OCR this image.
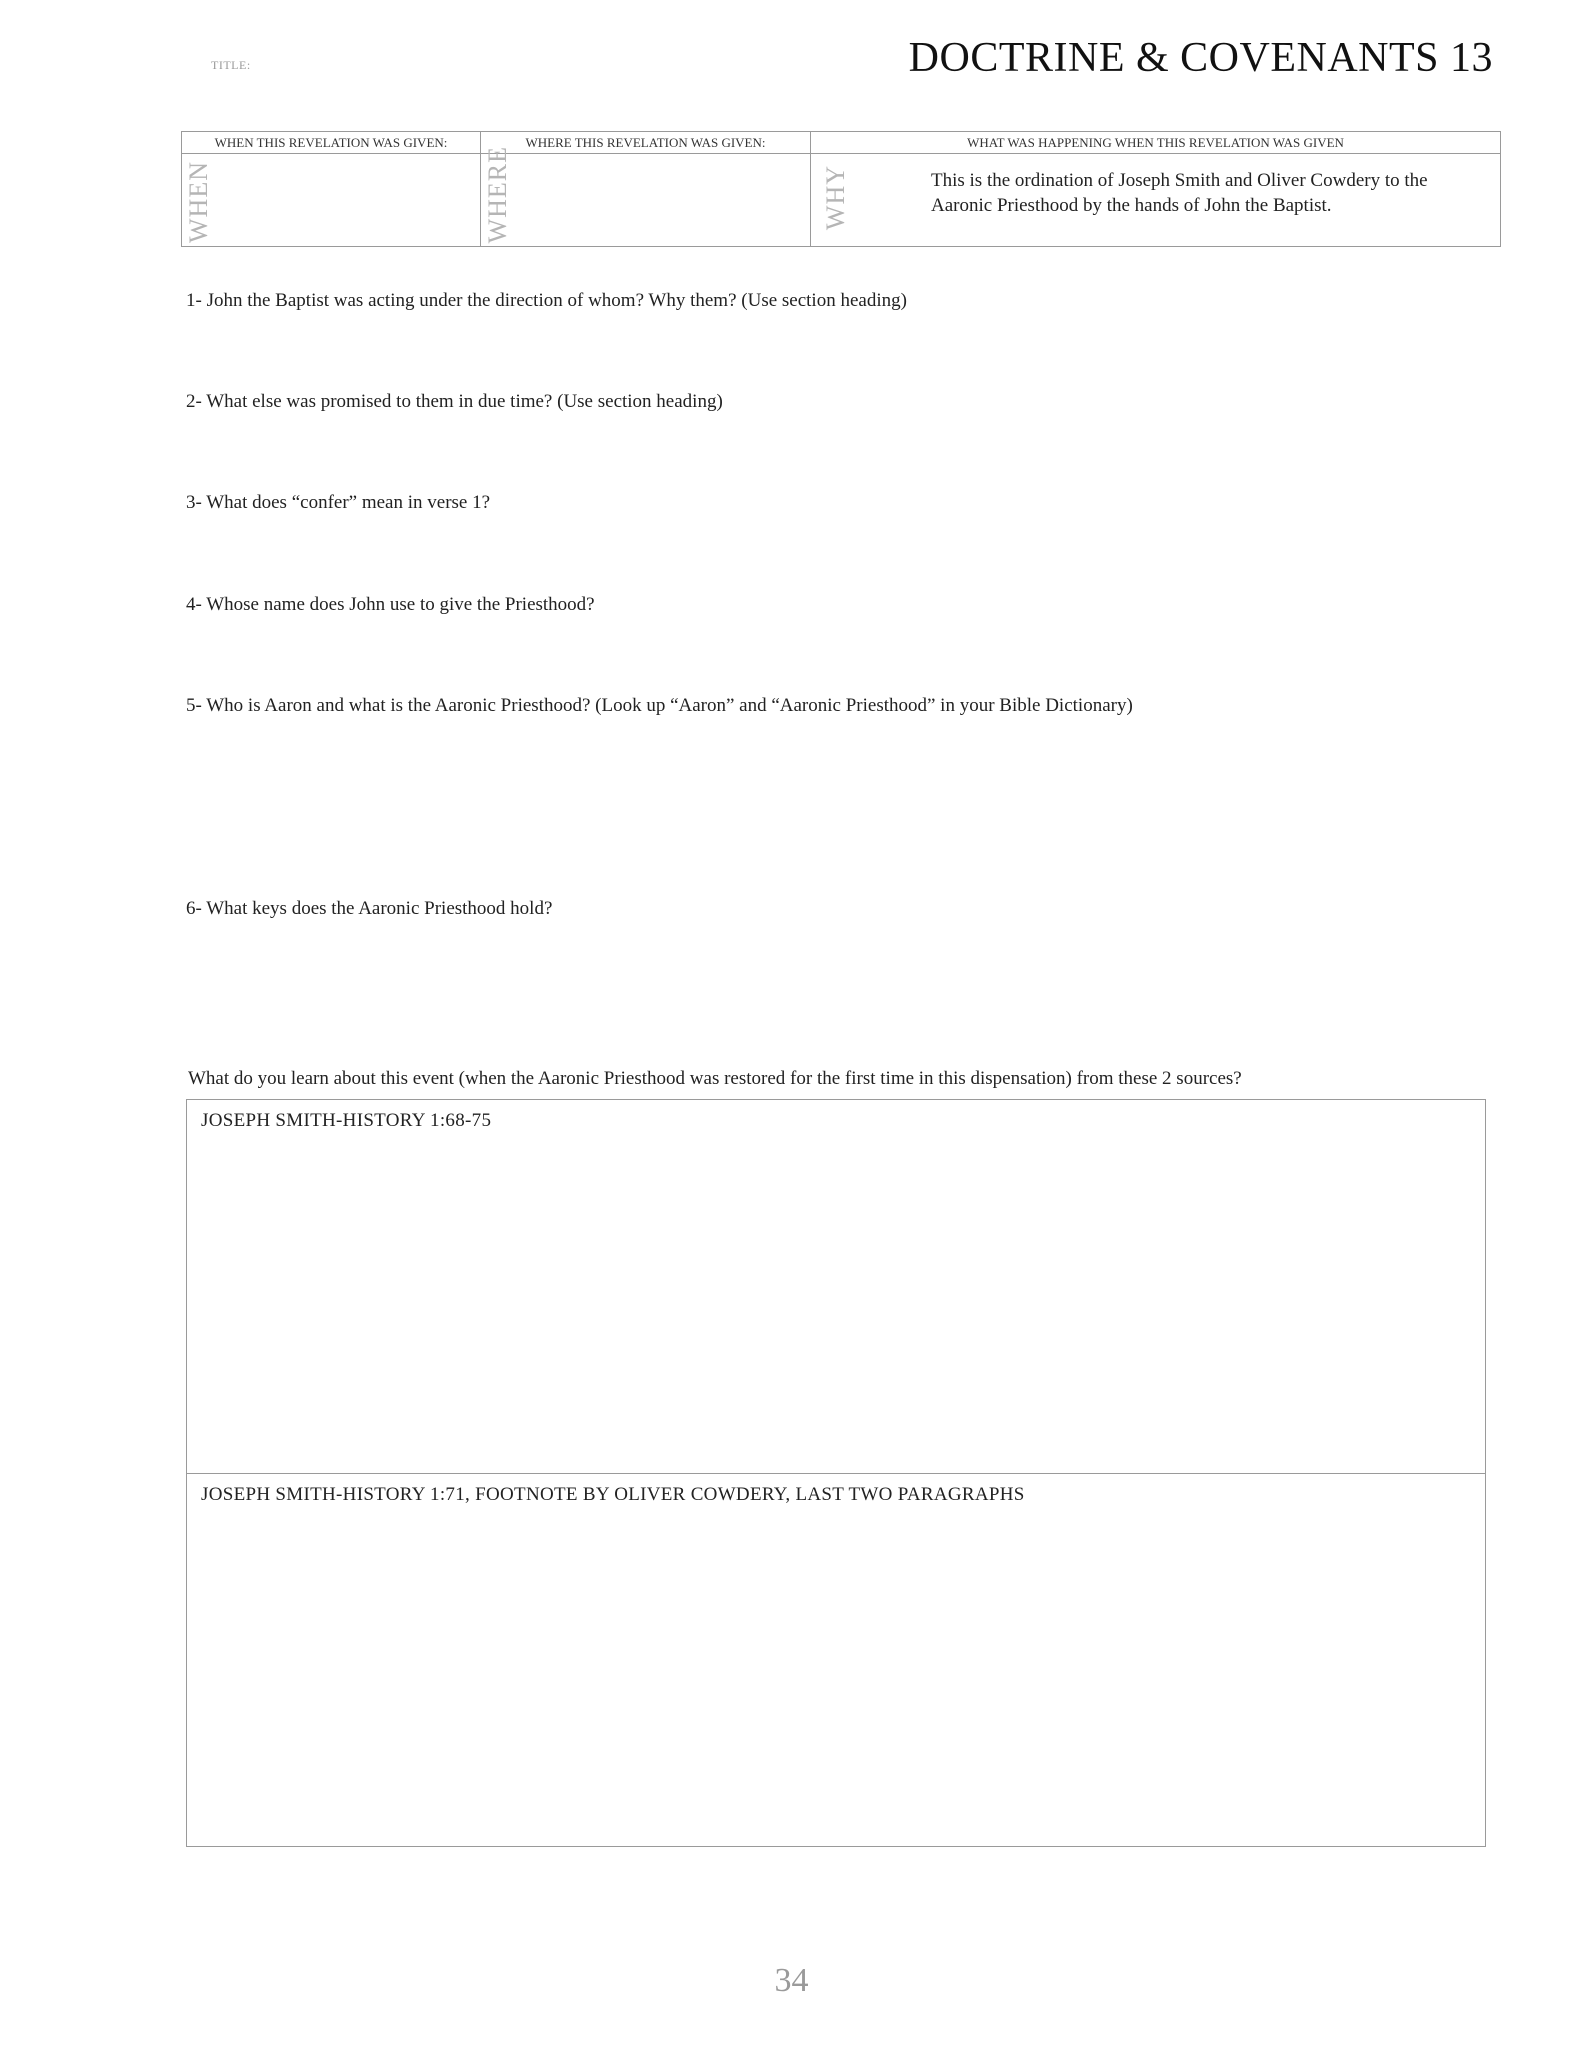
TITLE:	DOCTRINE & COVENANTS 13
WHEN THIS REVELATION WAS GIVEN:
WHEN
WHERE THIS REVELATION WAS GIVEN:
WHERE
WHAT WAS HAPPENING WHEN THIS REVELATION WAS GIVEN
WHY	This is the ordination of Joseph Smith and Oliver Cowdery to the Aaronic Priesthood by the hands of John the Baptist.
1- John the Baptist was acting under the direction of whom? Why them? (Use section heading)
2- What else was promised to them in due time? (Use section heading)
3- What does “confer” mean in verse 1?
4- Whose name does John use to give the Priesthood?
5- Who is Aaron and what is the Aaronic Priesthood? (Look up “Aaron” and “Aaronic Priesthood” in your Bible Dictionary)
6- What keys does the Aaronic Priesthood hold?
What do you learn about this event (when the Aaronic Priesthood was restored for the first time in this dispensation) from these 2 sources?
JOSEPH SMITH-HISTORY 1:68-75
JOSEPH SMITH-HISTORY 1:71, FOOTNOTE BY OLIVER COWDERY, LAST TWO PARAGRAPHS
34
